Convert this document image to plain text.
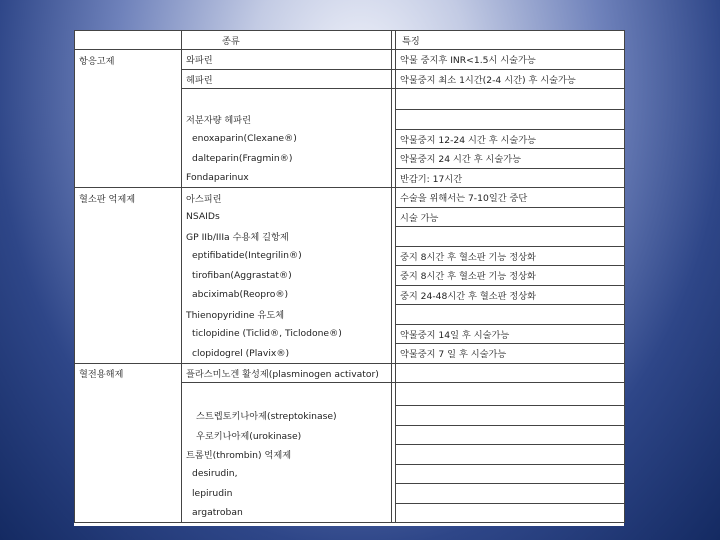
	종류		특징
항응고제	와파린		약물 중지후 INR<1.5시 시술가능
	헤파린		약물중지 최소 1시간(2-4 시간) 후 시술가능

	저분자량 헤파린		
	enoxaparin(Clexane®)		약물중지 12-24 시간 후 시술가능
	dalteparin(Fragmin®)		약물중지 24 시간 후 시술가능
	Fondaparinux		반감기: 17시간
혈소판 억제제	아스피린		수술을 위해서는 7-10일간 중단
	NSAIDs		시술 가능
	GP IIb/IIIa 수용체 길항제		
	eptifibatide(Integrilin®)		중지 8시간 후 혈소판 기능 정상화
	tirofiban(Aggrastat®)		중지 8시간 후 혈소판 기능 정상화
	abciximab(Reopro®)		중지 24-48시간 후 혈소판 정상화
	Thienopyridine 유도체		
	ticlopidine (Ticlid®, Ticlodone®)		약물중지 14일 후 시술가능
	clopidogrel (Plavix®)		약물중지 7 일 후 시술가능
혈전용해제	플라스미노겐 활성제(plasminogen activator)		

	스트렙토키나아제(streptokinase)		
	우로키나아제(urokinase)		
	트롬빈(thrombin) 억제제		
	desirudin,		
	lepirudin		
	argatroban		
